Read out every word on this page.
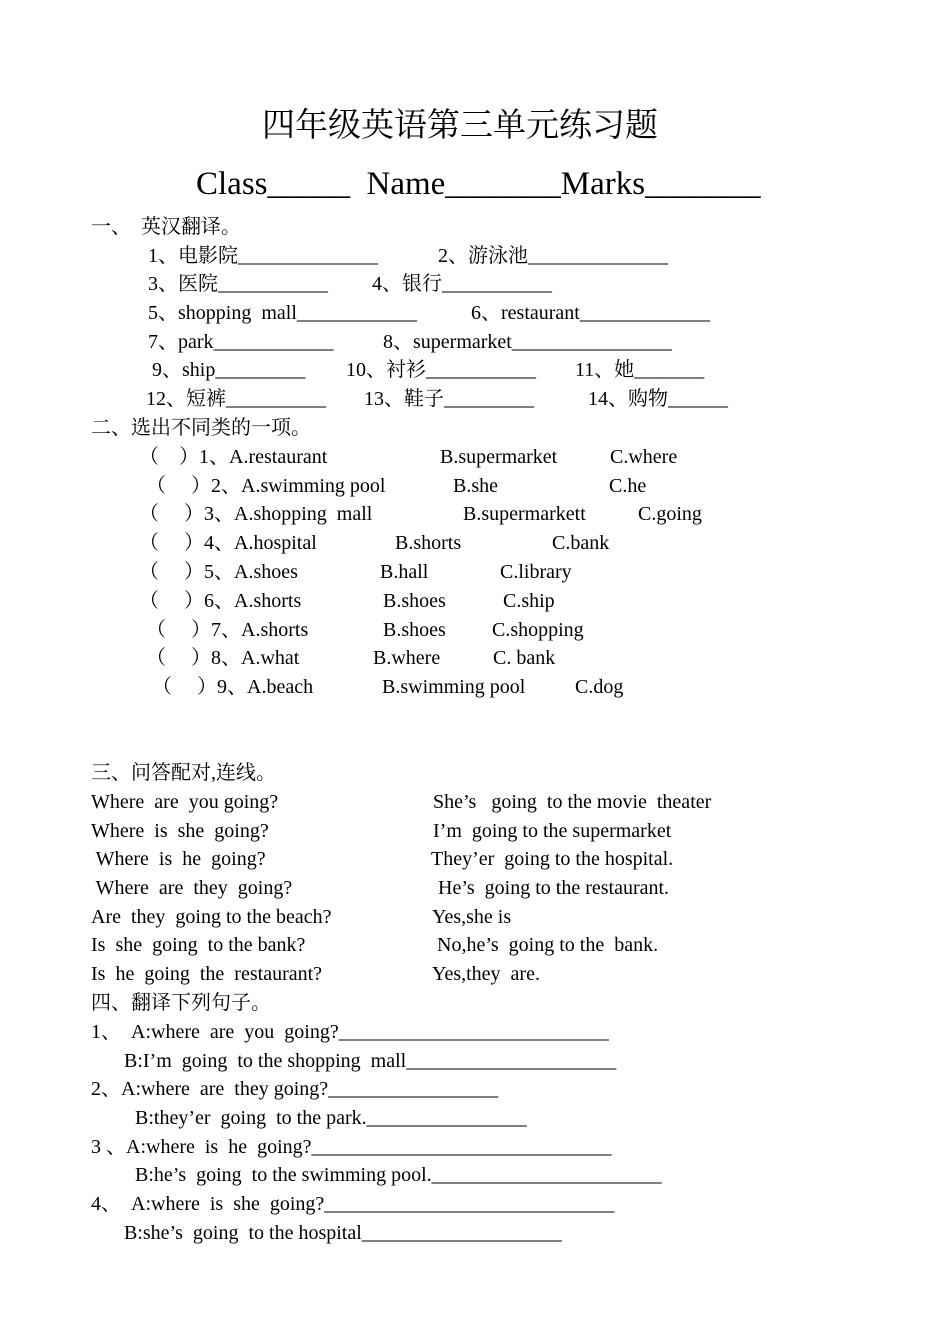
四年级英语第三单元练习题
Class_____  Name_______Marks_______
一、  英汉翻译。
1、电影院______________	2、游泳池______________
3、医院___________ 4、银行___________
5、shopping  mall____________	6、restaurant_____________
7、park____________ 8、supermarket________________
9、ship_________ 10、衬衫___________ 11、她_______
12、短裤__________ 13、鞋子_________	14、购物______
二、选出不同类的一项。
（    ）1、A.restaurant	B.supermarket	C.where
（     ）2、A.swimming pool	B.she	C.he
（     ）3、A.shopping  mall	B.supermarkett	C.going
（     ）4、A.hospital	B.shorts	C.bank
（     ）5、A.shoes	B.hall	C.library
（     ）6、A.shorts	B.shoes	C.ship
（     ）7、A.shorts	B.shoes C.shopping
（     ）8、A.what	B.where	C. bank
（     ）9、A.beach	B.swimming pool C.dog
三、问答配对,连线。
Where  are  you going?	She’s   going  to the movie  theater
Where  is  she  going?	I’m  going to the supermarket
Where  is  he  going?	They’er  going to the hospital.
Where  are  they  going?	He’s  going to the restaurant.
Are  they  going to the beach?	Yes,she is
Is  she  going  to the bank?	No,he’s  going to the  bank.
Is  he  going  the  restaurant?	Yes,they  are.
四、翻译下列句子。
1、  A:where  are  you  going?___________________________
B:I’m  going  to the shopping  mall_____________________
2、A:where  are  they going?_________________
B:they’er  going  to the park.________________
3 、A:where  is  he  going?______________________________
B:he’s  going  to the swimming pool._______________________
4、  A:where  is  she  going?_____________________________
B:she’s  going  to the hospital____________________
